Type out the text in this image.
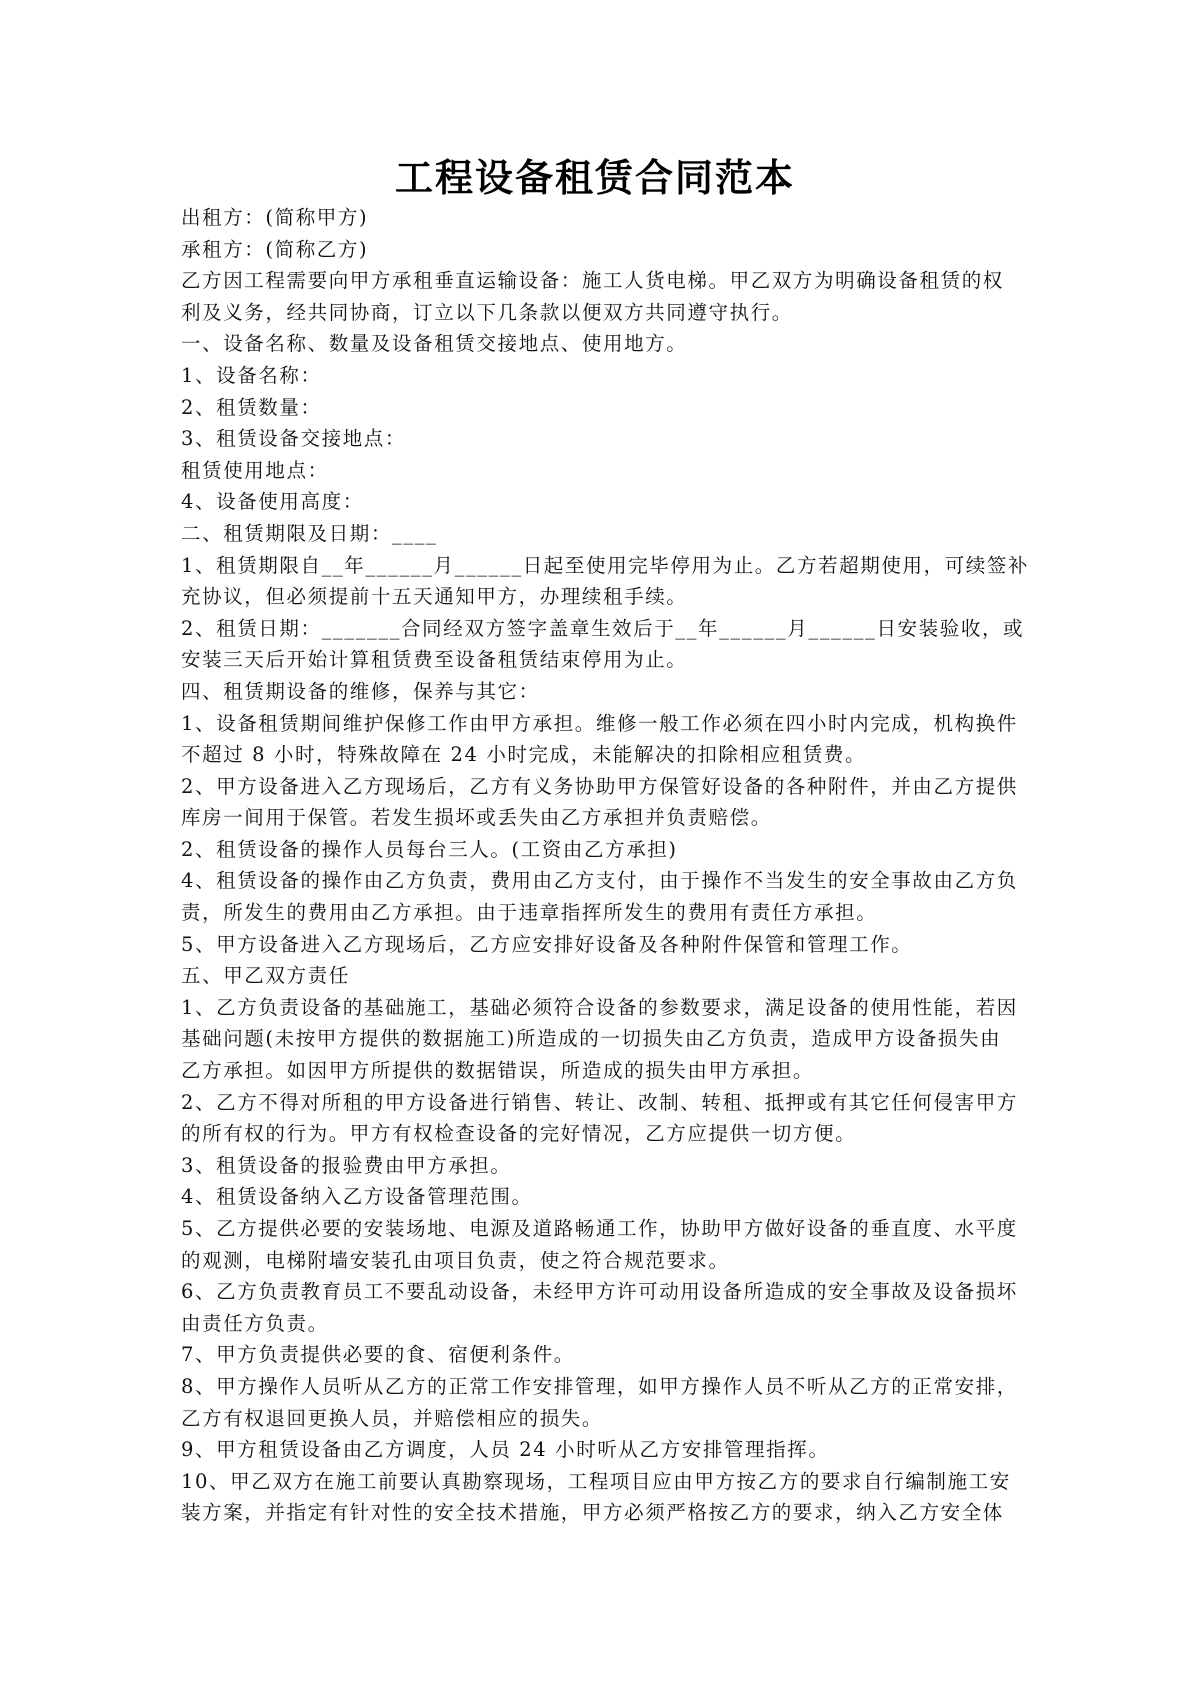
工程设备租赁合同范本
出租方：(简称甲方)
承租方：(简称乙方)
乙方因工程需要向甲方承租垂直运输设备：施工人货电梯。甲乙双方为明确设备租赁的权
利及义务，经共同协商，订立以下几条款以便双方共同遵守执行。
一、设备名称、数量及设备租赁交接地点、使用地方。
1、设备名称：
2、租赁数量：
3、租赁设备交接地点：
租赁使用地点：
4、设备使用高度：
二、租赁期限及日期：____
1、租赁期限自__年______月______日起至使用完毕停用为止。乙方若超期使用，可续签补
充协议，但必须提前十五天通知甲方，办理续租手续。
2、租赁日期：_______合同经双方签字盖章生效后于__年______月______日安装验收，或
安装三天后开始计算租赁费至设备租赁结束停用为止。
四、租赁期设备的维修，保养与其它：
1、设备租赁期间维护保修工作由甲方承担。维修一般工作必须在四小时内完成，机构换件
不超过 8 小时，特殊故障在 24 小时完成，未能解决的扣除相应租赁费。
2、甲方设备进入乙方现场后，乙方有义务协助甲方保管好设备的各种附件，并由乙方提供
库房一间用于保管。若发生损坏或丢失由乙方承担并负责赔偿。
2、租赁设备的操作人员每台三人。(工资由乙方承担)
4、租赁设备的操作由乙方负责，费用由乙方支付，由于操作不当发生的安全事故由乙方负
责，所发生的费用由乙方承担。由于违章指挥所发生的费用有责任方承担。
5、甲方设备进入乙方现场后，乙方应安排好设备及各种附件保管和管理工作。
五、甲乙双方责任
1、乙方负责设备的基础施工，基础必须符合设备的参数要求，满足设备的使用性能，若因
基础问题(未按甲方提供的数据施工)所造成的一切损失由乙方负责，造成甲方设备损失由
乙方承担。如因甲方所提供的数据错误，所造成的损失由甲方承担。
2、乙方不得对所租的甲方设备进行销售、转让、改制、转租、抵押或有其它任何侵害甲方
的所有权的行为。甲方有权检查设备的完好情况，乙方应提供一切方便。
3、租赁设备的报验费由甲方承担。
4、租赁设备纳入乙方设备管理范围。
5、乙方提供必要的安装场地、电源及道路畅通工作，协助甲方做好设备的垂直度、水平度
的观测，电梯附墙安装孔由项目负责，使之符合规范要求。
6、乙方负责教育员工不要乱动设备，未经甲方许可动用设备所造成的安全事故及设备损坏
由责任方负责。
7、甲方负责提供必要的食、宿便利条件。
8、甲方操作人员听从乙方的正常工作安排管理，如甲方操作人员不听从乙方的正常安排，
乙方有权退回更换人员，并赔偿相应的损失。
9、甲方租赁设备由乙方调度，人员 24 小时听从乙方安排管理指挥。
10、甲乙双方在施工前要认真勘察现场，工程项目应由甲方按乙方的要求自行编制施工安
装方案，并指定有针对性的安全技术措施，甲方必须严格按乙方的要求，纳入乙方安全体
